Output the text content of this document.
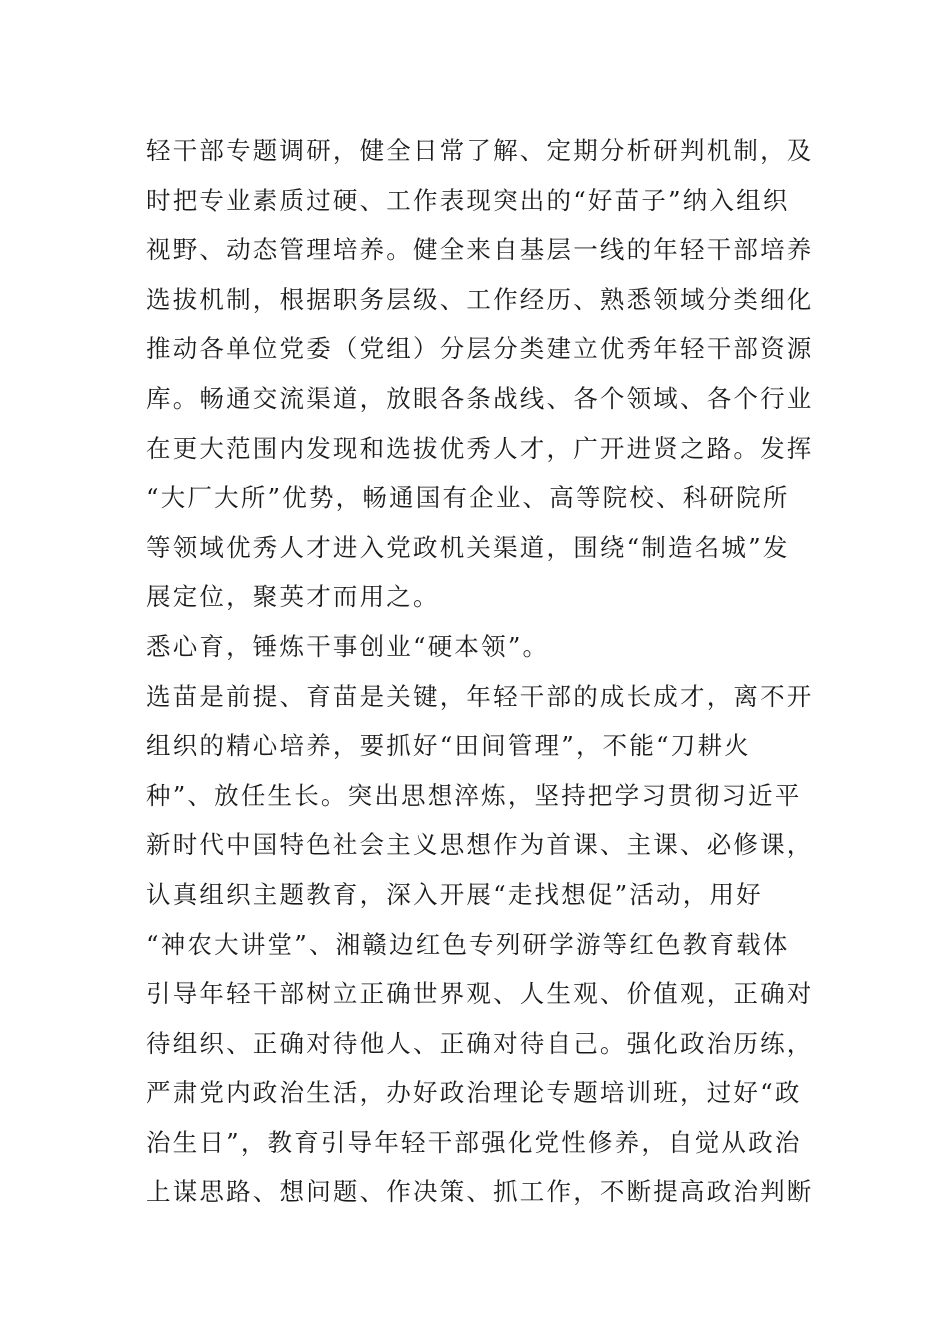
轻干部专题调研，健全日常了解、定期分析研判机制，及
时把专业素质过硬、工作表现突出的“好苗子”纳入组织
视野、动态管理培养。健全来自基层一线的年轻干部培养
选拔机制，根据职务层级、工作经历、熟悉领域分类细化
推动各单位党委（党组）分层分类建立优秀年轻干部资源
库。畅通交流渠道，放眼各条战线、各个领域、各个行业
在更大范围内发现和选拔优秀人才，广开进贤之路。发挥
“大厂大所”优势，畅通国有企业、高等院校、科研院所
等领域优秀人才进入党政机关渠道，围绕“制造名城”发
展定位，聚英才而用之。
悉心育，锤炼干事创业“硬本领”。
选苗是前提、育苗是关键，年轻干部的成长成才，离不开
组织的精心培养，要抓好“田间管理”，不能“刀耕火
种”、放任生长。突出思想淬炼，坚持把学习贯彻习近平
新时代中国特色社会主义思想作为首课、主课、必修课，
认真组织主题教育，深入开展“走找想促”活动，用好
“神农大讲堂”、湘赣边红色专列研学游等红色教育载体
引导年轻干部树立正确世界观、人生观、价值观，正确对
待组织、正确对待他人、正确对待自己。强化政治历练，
严肃党内政治生活，办好政治理论专题培训班，过好“政
治生日”，教育引导年轻干部强化党性修养，自觉从政治
上谋思路、想问题、作决策、抓工作，不断提高政治判断
